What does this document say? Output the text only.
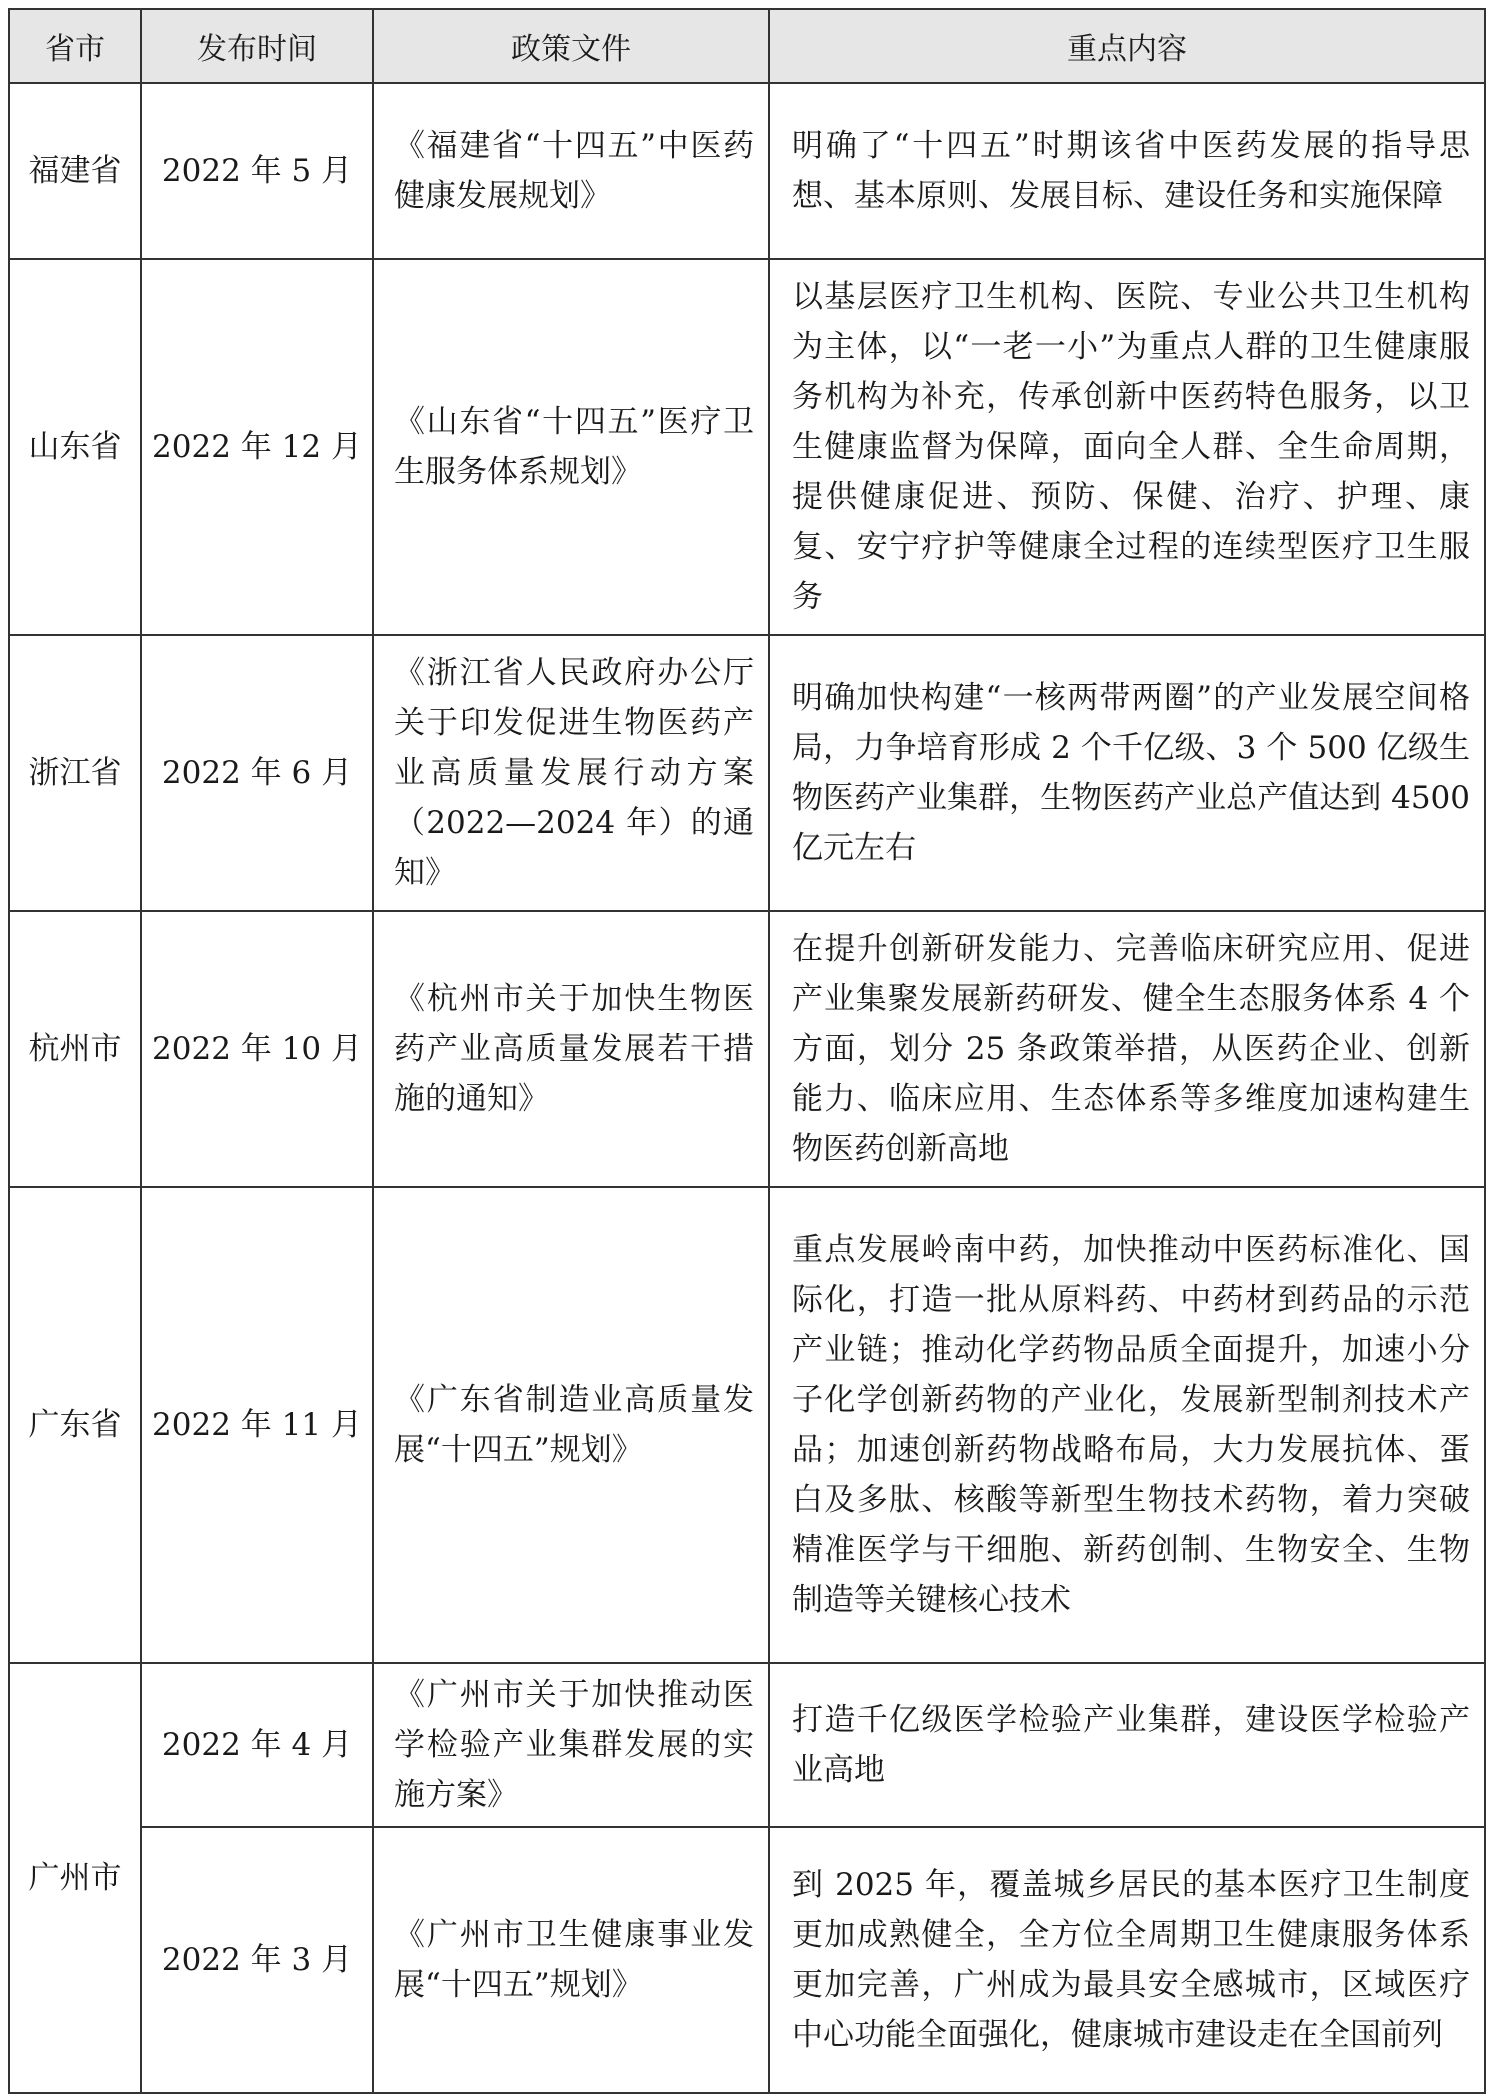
省市	发布时间	政策文件	重点内容
福建省	2022 年 5 月	《福建省“十四五”中医药健康发展规划》	明确了“十四五”时期该省中医药发展的指导思想、基本原则、发展目标、建设任务和实施保障
山东省	2022 年 12 月	《山东省“十四五”医疗卫生服务体系规划》	以基层医疗卫生机构、医院、专业公共卫生机构为主体，以“一老一小”为重点人群的卫生健康服务机构为补充，传承创新中医药特色服务，以卫生健康监督为保障，面向全人群、全生命周期，提供健康促进、预防、保健、治疗、护理、康复、安宁疗护等健康全过程的连续型医疗卫生服务
浙江省	2022 年 6 月	《浙江省人民政府办公厅关于印发促进生物医药产业高质量发展行动方案（2022—2024 年）的通知》	明确加快构建“一核两带两圈”的产业发展空间格局，力争培育形成 2 个千亿级、3 个 500 亿级生物医药产业集群，生物医药产业总产值达到 4500 亿元左右
杭州市	2022 年 10 月	《杭州市关于加快生物医药产业高质量发展若干措施的通知》	在提升创新研发能力、完善临床研究应用、促进产业集聚发展新药研发、健全生态服务体系 4 个方面，划分 25 条政策举措，从医药企业、创新能力、临床应用、生态体系等多维度加速构建生物医药创新高地
广东省	2022 年 11 月	《广东省制造业高质量发展“十四五”规划》	重点发展岭南中药，加快推动中医药标准化、国际化，打造一批从原料药、中药材到药品的示范产业链；推动化学药物品质全面提升，加速小分子化学创新药物的产业化，发展新型制剂技术产品；加速创新药物战略布局，大力发展抗体、蛋白及多肽、核酸等新型生物技术药物，着力突破精准医学与干细胞、新药创制、生物安全、生物制造等关键核心技术
广州市	2022 年 4 月	《广州市关于加快推动医学检验产业集群发展的实施方案》	打造千亿级医学检验产业集群，建设医学检验产业高地
	2022 年 3 月	《广州市卫生健康事业发展“十四五”规划》	到 2025 年，覆盖城乡居民的基本医疗卫生制度更加成熟健全，全方位全周期卫生健康服务体系更加完善，广州成为最具安全感城市，区域医疗中心功能全面强化，健康城市建设走在全国前列
